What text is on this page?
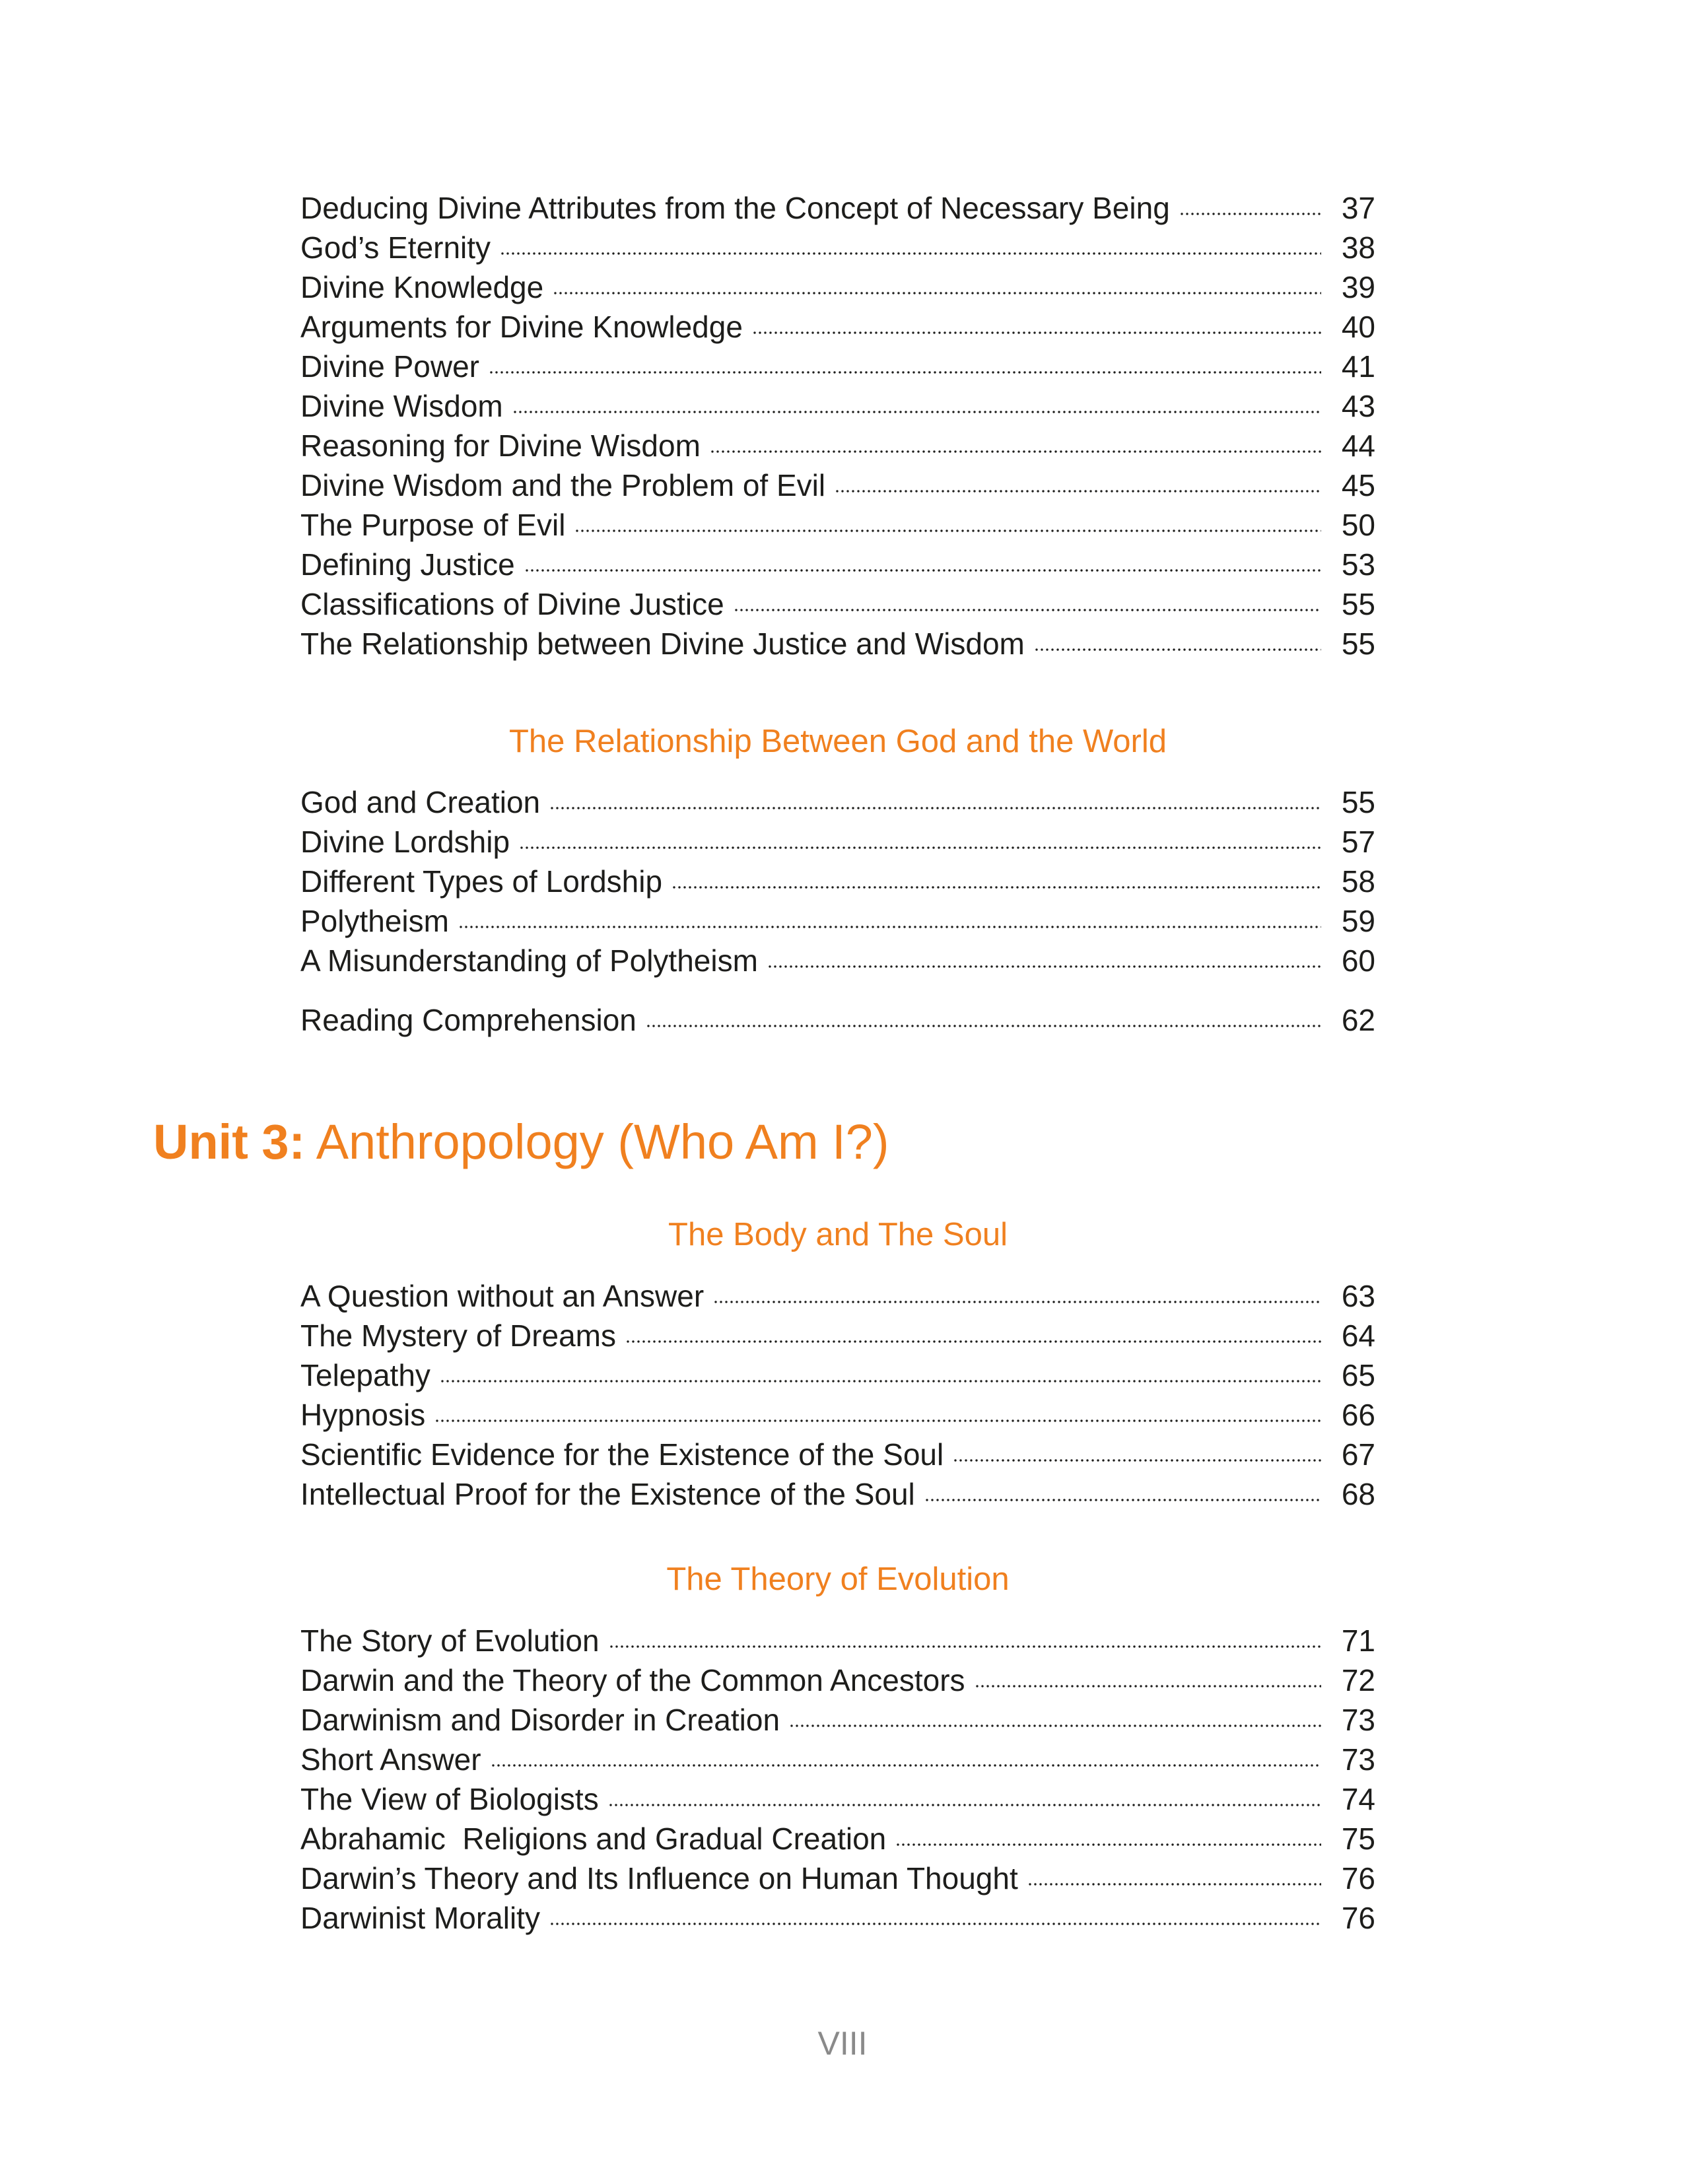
Deducing Divine Attributes from the Concept of Necessary Being	37
God’s Eternity	38
Divine Knowledge	39
Arguments for Divine Knowledge	40
Divine Power	41
Divine Wisdom	43
Reasoning for Divine Wisdom	44
Divine Wisdom and the Problem of Evil	45
The Purpose of Evil	50
Defining Justice	53
Classifications of Divine Justice	55
The Relationship between Divine Justice and Wisdom	55
The Relationship Between God and the World
God and Creation	55
Divine Lordship	57
Different Types of Lordship	58
Polytheism	59
A Misunderstanding of Polytheism	60
Reading Comprehension	62
Unit 3: Anthropology (Who Am I?)
The Body and The Soul
A Question without an Answer	63
The Mystery of Dreams	64
Telepathy	65
Hypnosis	66
Scientific Evidence for the Existence of the Soul	67
Intellectual Proof for the Existence of the Soul	68
The Theory of Evolution
The Story of Evolution	71
Darwin and the Theory of the Common Ancestors	72
Darwinism and Disorder in Creation	73
Short Answer	73
The View of Biologists	74
Abrahamic  Religions and Gradual Creation	75
Darwin’s Theory and Its Influence on Human Thought	76
Darwinist Morality	76
VIII
